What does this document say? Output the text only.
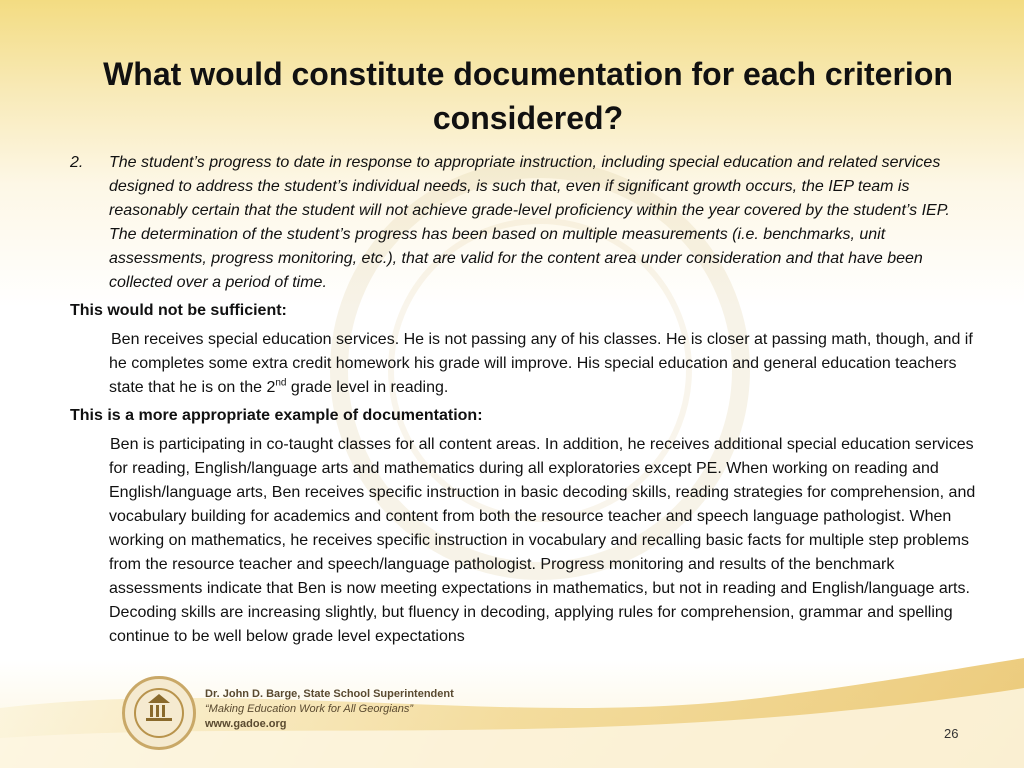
What would constitute documentation for each criterion considered?
2. The student’s progress to date in response to appropriate instruction, including special education and related services designed to address the student’s individual needs, is such that, even if significant growth occurs, the IEP team is reasonably certain that the student will not achieve grade-level proficiency within the year covered by the student’s IEP. The determination of the student’s progress has been based on multiple measurements (i.e. benchmarks, unit assessments, progress monitoring, etc.), that are valid for the content area under consideration and that have been collected over a period of time.
This would not be sufficient:
Ben receives special education services. He is not passing any of his classes. He is closer at passing math, though, and if he completes some extra credit homework his grade will improve. His special education and general education teachers state that he is on the 2nd grade level in reading.
This is a more appropriate example of documentation:
Ben is participating in co-taught classes for all content areas. In addition, he receives additional special education services for reading, English/language arts and mathematics during all exploratories except PE. When working on reading and English/language arts, Ben receives specific instruction in basic decoding skills, reading strategies for comprehension, and vocabulary building for academics and content from both the resource teacher and speech language pathologist. When working on mathematics, he receives specific instruction in vocabulary and recalling basic facts for multiple step problems from the resource teacher and speech/language pathologist. Progress monitoring and results of the benchmark assessments indicate that Ben is now meeting expectations in mathematics, but not in reading and English/language arts. Decoding skills are increasing slightly, but fluency in decoding, applying rules for comprehension, grammar and spelling continue to be well below grade level expectations
Dr. John D. Barge, State School Superintendent
“Making Education Work for All Georgians”
www.gadoe.org
26
